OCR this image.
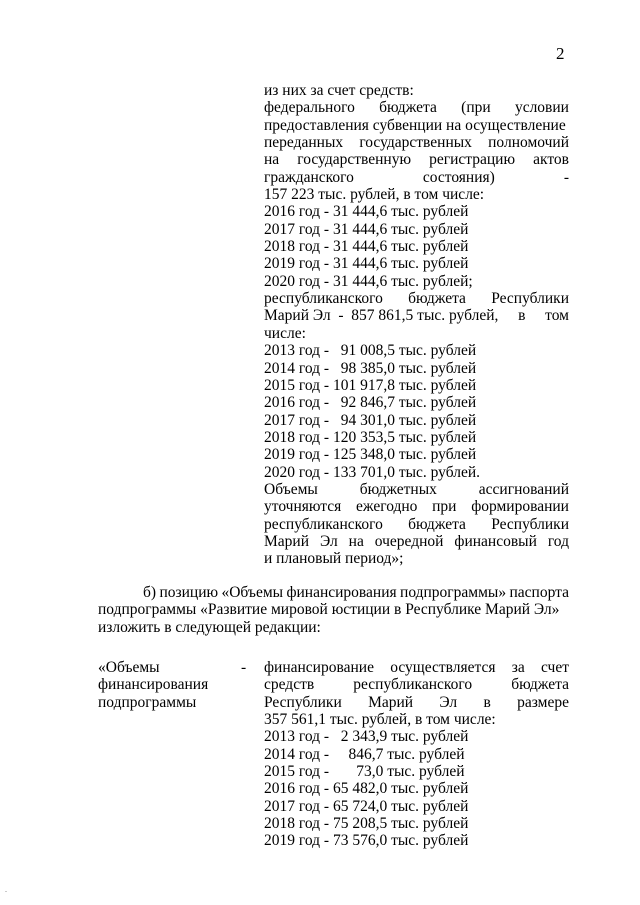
2
из них за счет средств:
федерального бюджета (при условии
предоставления субвенции на осуществление
переданных государственных полномочий
на государственную регистрацию актов
гражданского	состояния)	-
157 223 тыс. рублей, в том числе:
2016 год - 31 444,6 тыс. рублей
2017 год - 31 444,6 тыс. рублей
2018 год - 31 444,6 тыс. рублей
2019 год - 31 444,6 тыс. рублей
2020 год - 31 444,6 тыс. рублей;
республиканского бюджета Республики
Марий Эл  -  857 861,5 тыс. рублей, в том
числе:
2013 год -   91 008,5 тыс. рублей
2014 год -   98 385,0 тыс. рублей
2015 год - 101 917,8 тыс. рублей
2016 год -   92 846,7 тыс. рублей
2017 год -   94 301,0 тыс. рублей
2018 год - 120 353,5 тыс. рублей
2019 год - 125 348,0 тыс. рублей
2020 год - 133 701,0 тыс. рублей.
Объемы	бюджетных	ассигнований
уточняются ежегодно при формировании
республиканского бюджета Республики
Марий Эл на очередной финансовый год
и плановый период»;
б) позицию «Объемы финансирования подпрограммы» паспорта
подпрограммы «Развитие мировой юстиции в Республике Марий Эл»
изложить в следующей редакции:
«Объемы
финансирования
подпрограммы
- финансирование осуществляется за счет
средств	республиканского	бюджета
Республики Марий Эл в размере
357 561,1 тыс. рублей, в том числе:
2013 год -   2 343,9 тыс. рублей
2014 год -     846,7 тыс. рублей
2015 год -       73,0 тыс. рублей
2016 год - 65 482,0 тыс. рублей
2017 год - 65 724,0 тыс. рублей
2018 год - 75 208,5 тыс. рублей
2019 год - 73 576,0 тыс. рублей
.
